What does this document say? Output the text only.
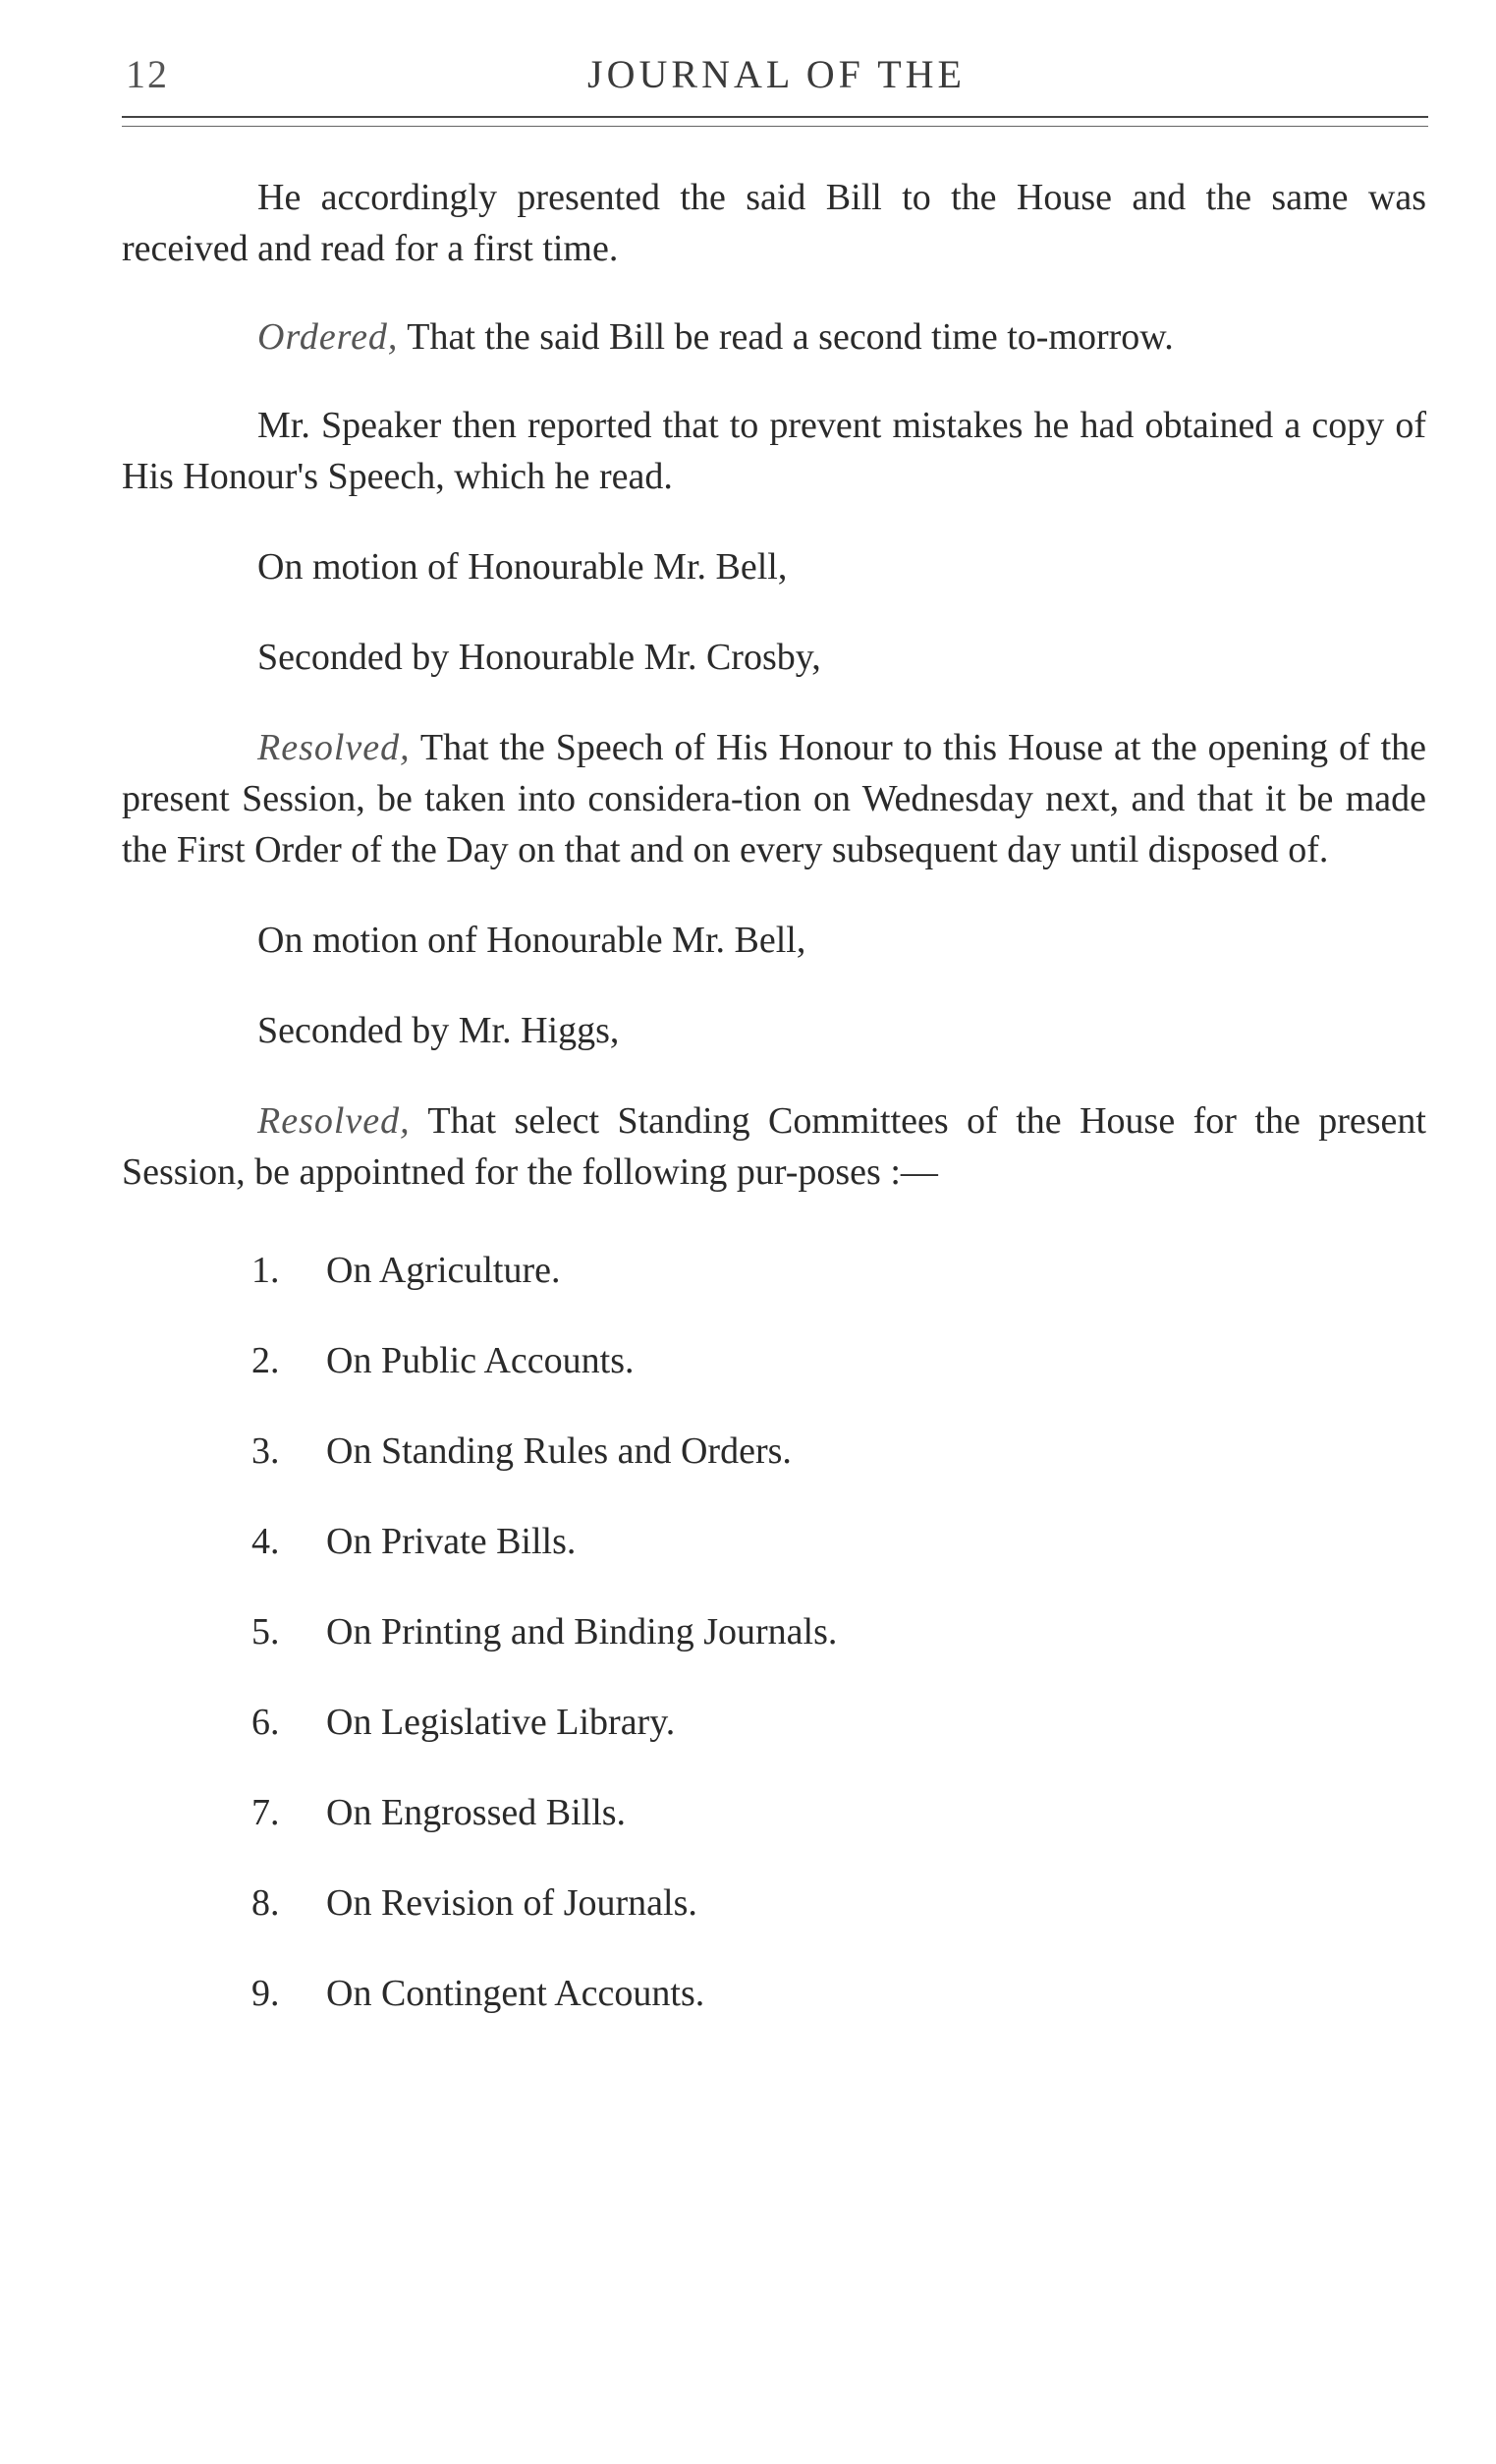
12	JOURNAL OF THE

He accordingly presented the said Bill to the House and the same was received and read for a first time.

Ordered, That the said Bill be read a second time to-morrow.

Mr. Speaker then reported that to prevent mistakes he had obtained a copy of His Honour's Speech, which he read.

On motion of Honourable Mr. Bell,

Seconded by Honourable Mr. Crosby,

Resolved, That the Speech of His Honour to this House at the opening of the present Session, be taken into considera-tion on Wednesday next, and that it be made the First Order of the Day on that and on every subsequent day until disposed of.

On motion onf Honourable Mr. Bell,

Seconded by Mr. Higgs,

Resolved, That select Standing Committees of the House for the present Session, be appointned for the following pur-poses :—

1.	On Agriculture.
2.	On Public Accounts.
3.	On Standing Rules and Orders.
4.	On Private Bills.
5.	On Printing and Binding Journals.
6.	On Legislative Library.
7.	On Engrossed Bills.
8.	On Revision of Journals.
9.	On Contingent Accounts.
